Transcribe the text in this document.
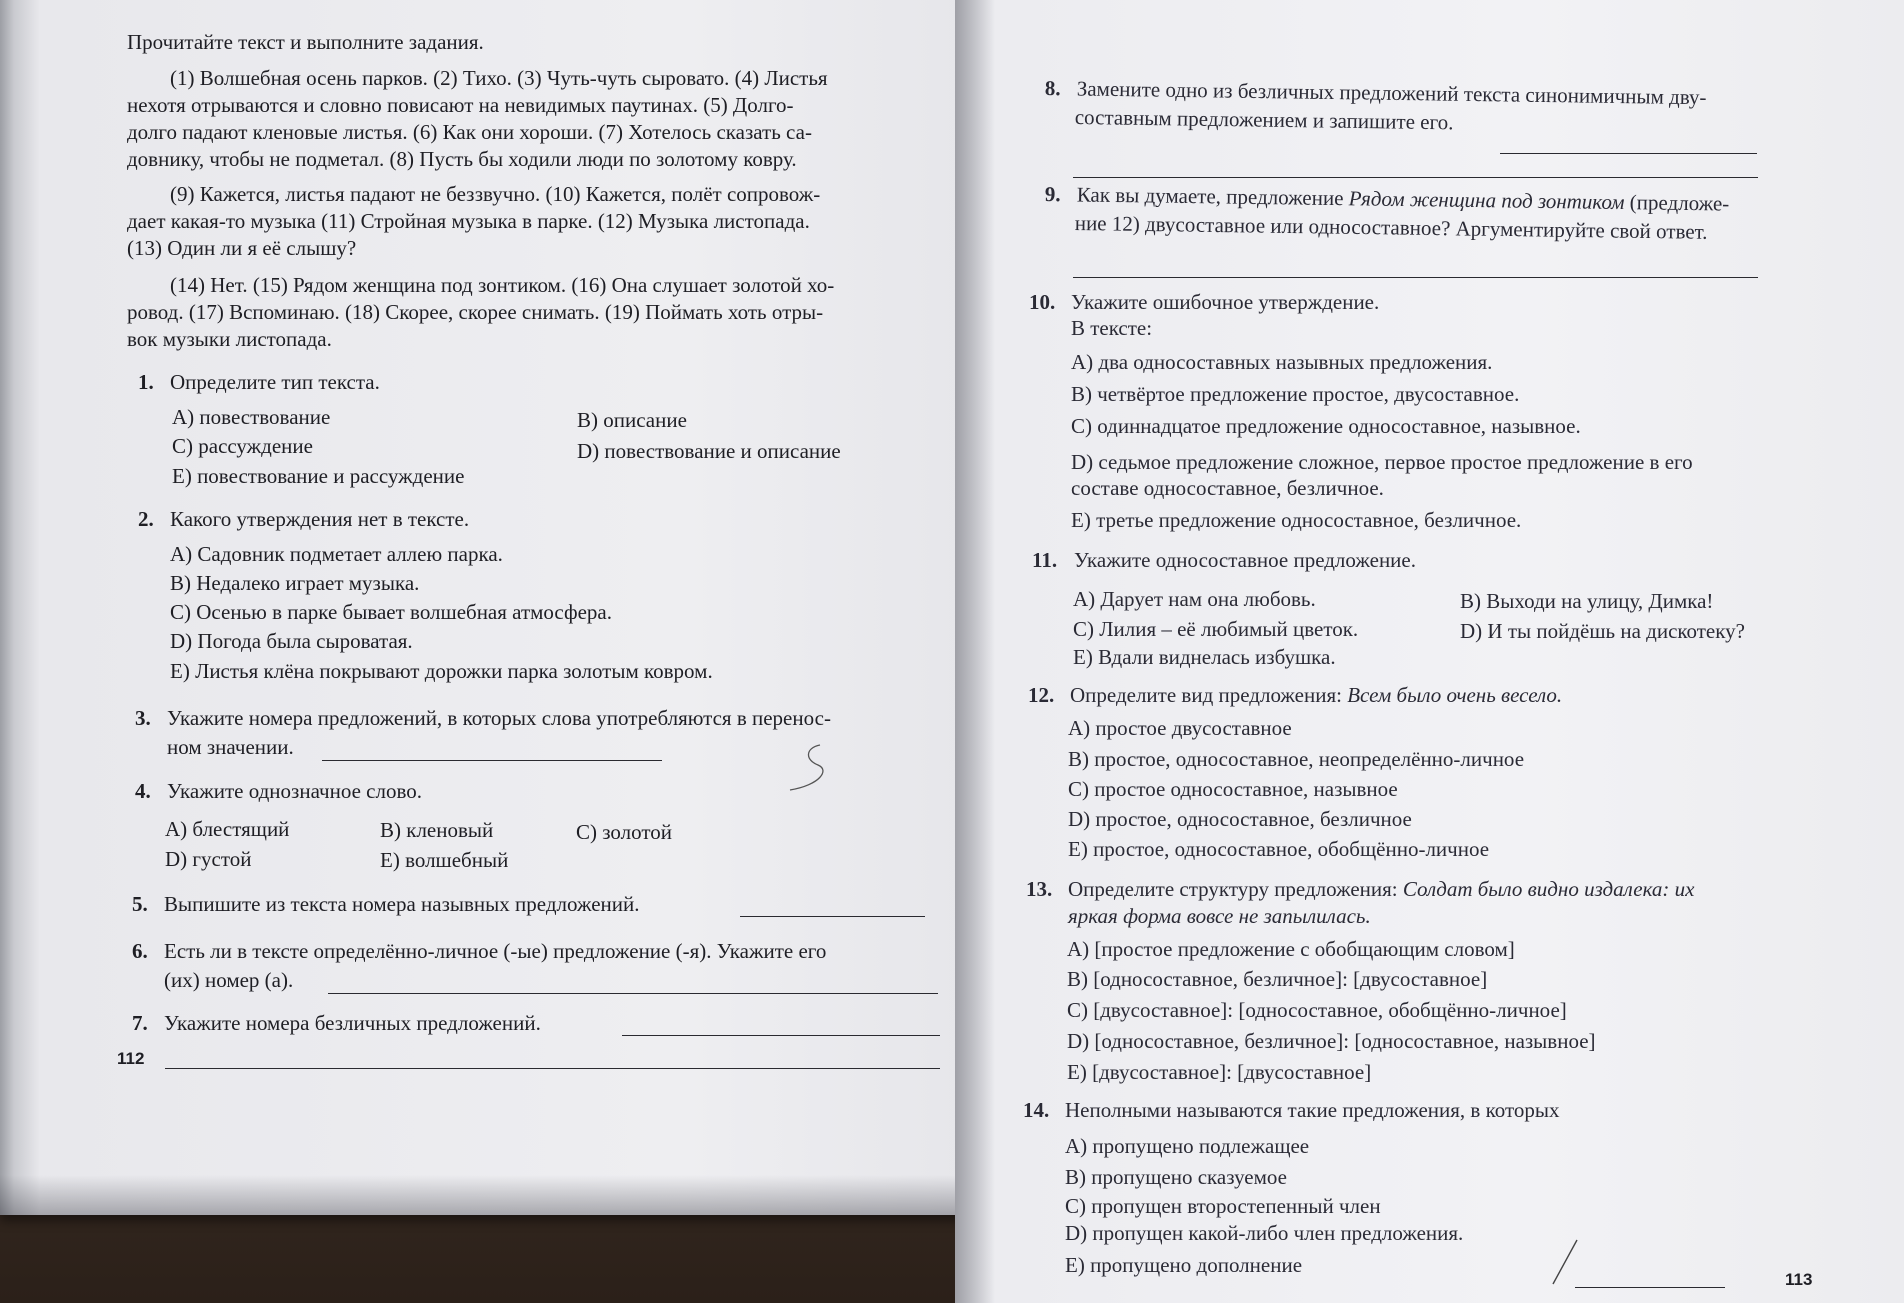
Прочитайте текст и выполните задания.
(1) Волшебная осень парков. (2) Тихо. (3) Чуть-чуть сыровато. (4) Листья
нехотя отрываются и словно повисают на невидимых паутинах. (5) Долго-
долго падают кленовые листья. (6) Как они хороши. (7) Хотелось сказать са-
довнику, чтобы не подметал. (8) Пусть бы ходили люди по золотому ковру.
(9) Кажется, листья падают не беззвучно. (10) Кажется, полёт сопровож-
дает какая-то музыка (11) Стройная музыка в парке. (12) Музыка листопада.
(13) Один ли я её слышу?
(14) Нет. (15) Рядом женщина под зонтиком. (16) Она слушает золотой хо-
ровод. (17) Вспоминаю. (18) Скорее, скорее снимать. (19) Поймать хоть отры-
вок музыки листопада.
1. Определите тип текста.
A) повествование	B) описание
C) рассуждение	D) повествование и описание
E) повествование и рассуждение
2. Какого утверждения нет в тексте.
A) Садовник подметает аллею парка.
B) Недалеко играет музыка.
C) Осенью в парке бывает волшебная атмосфера.
D) Погода была сыроватая.
E) Листья клёна покрывают дорожки парка золотым ковром.
3. Укажите номера предложений, в которых слова употребляются в перенос-
ном значении.
4. Укажите однозначное слово.
A) блестящий	B) кленовый	C) золотой
D) густой	E) волшебный
5. Выпишите из текста номера назывных предложений.
6. Есть ли в тексте определённо-личное (-ые) предложение (-я). Укажите его
(их) номер (а).
7. Укажите номера безличных предложений.
112
8. Замените одно из безличных предложений текста синонимичным дву-
составным предложением и запишите его.
9. Как вы думаете, предложение Рядом женщина под зонтиком (предложе-
ние 12) двусоставное или односоставное? Аргументируйте свой ответ.
10. Укажите ошибочное утверждение.
В тексте:
A) два односоставных назывных предложения.
B) четвёртое предложение простое, двусоставное.
C) одиннадцатое предложение односоставное, назывное.
D) седьмое предложение сложное, первое простое предложение в его
составе односоставное, безличное.
E) третье предложение односоставное, безличное.
11. Укажите односоставное предложение.
A) Дарует нам она любовь.	B) Выходи на улицу, Димка!
C) Лилия – её любимый цветок.	D) И ты пойдёшь на дискотеку?
E) Вдали виднелась избушка.
12. Определите вид предложения: Всем было очень весело.
A) простое двусоставное
B) простое, односоставное, неопределённо-личное
C) простое односоставное, назывное
D) простое, односоставное, безличное
E) простое, односоставное, обобщённо-личное
13. Определите структуру предложения: Солдат было видно издалека: их
яркая форма вовсе не запылилась.
A) [простое предложение с обобщающим словом]
B) [односоставное, безличное]: [двусоставное]
C) [двусоставное]: [односоставное, обобщённо-личное]
D) [односоставное, безличное]: [односоставное, назывное]
E) [двусоставное]: [двусоставное]
14. Неполными называются такие предложения, в которых
A) пропущено подлежащее
B) пропущено сказуемое
C) пропущен второстепенный член
D) пропущен какой-либо член предложения.
E) пропущено дополнение
113
